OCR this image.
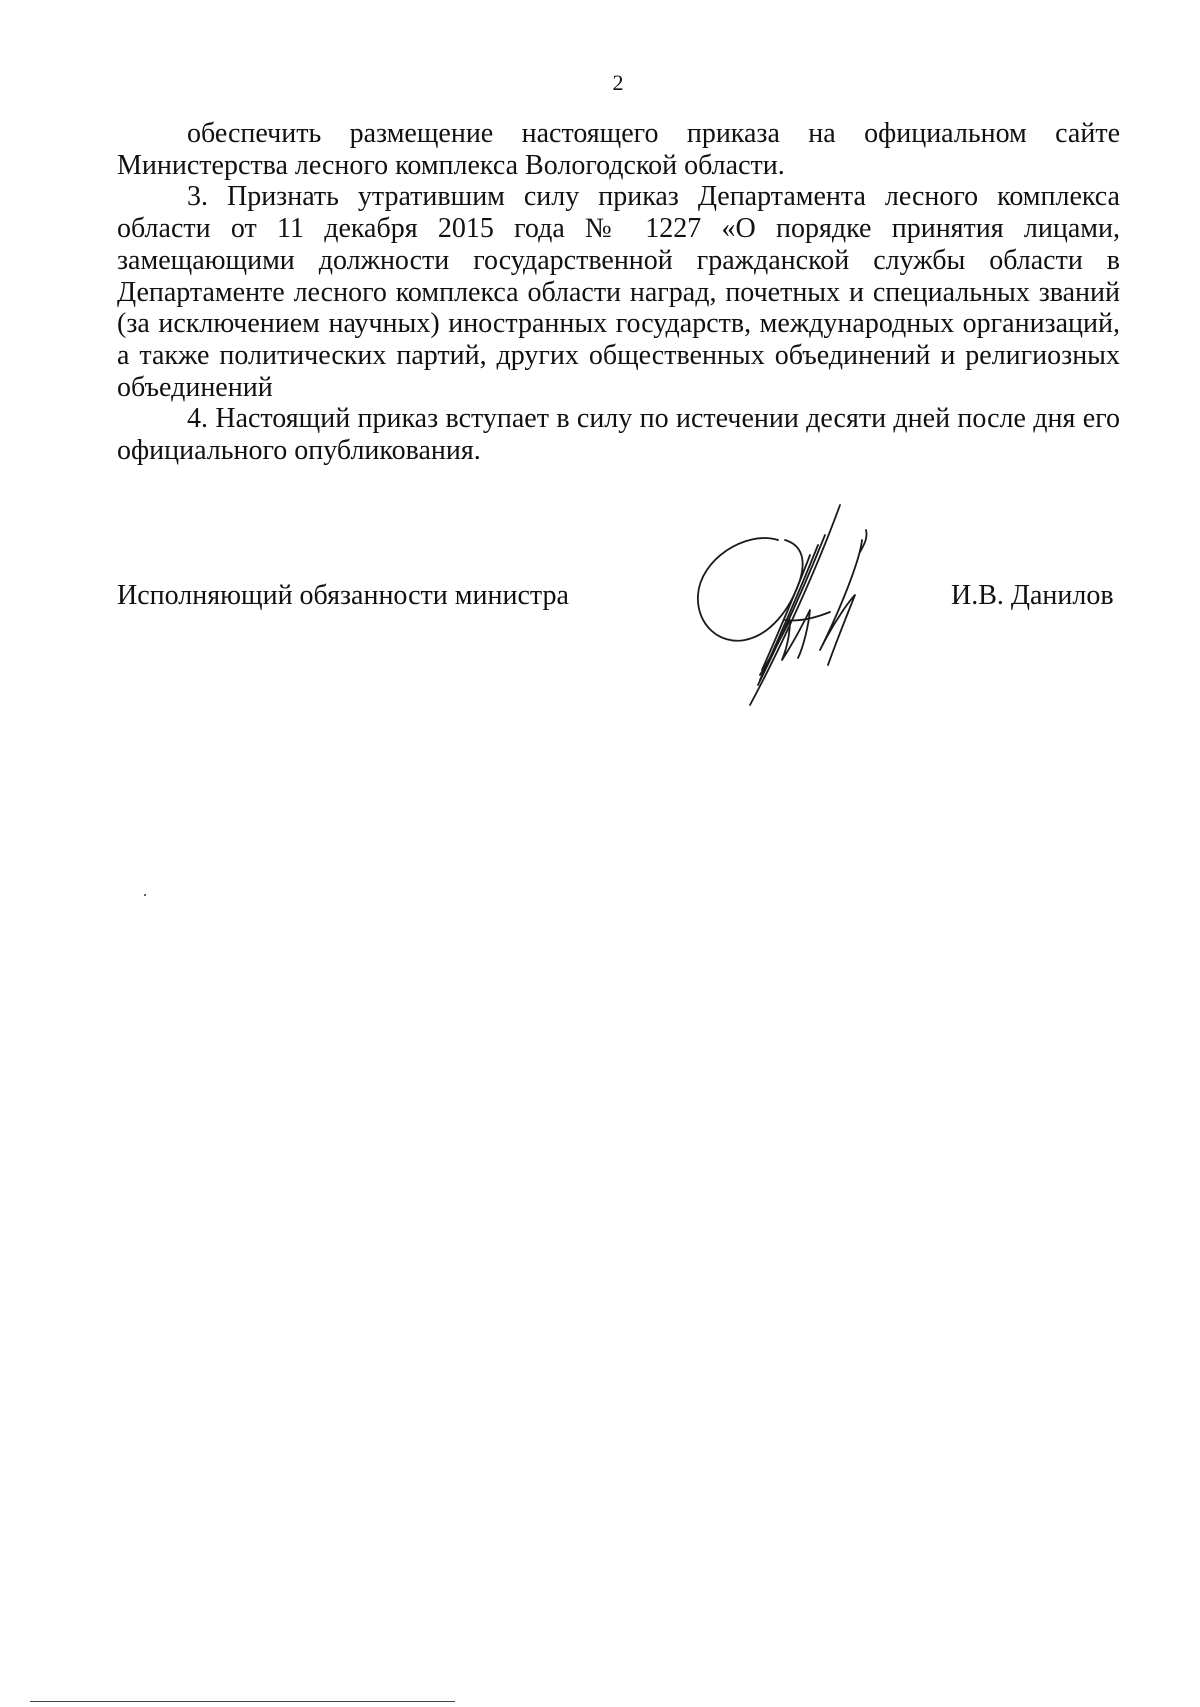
2

обеспечить размещение настоящего приказа на официальном сайте Министерства лесного комплекса Вологодской области.

3. Признать утратившим силу приказ Департамента лесного комплекса области от 11 декабря 2015 года № 1227 «О порядке принятия лицами, замещающими должности государственной гражданской службы области в Департаменте лесного комплекса области наград, почетных и специальных званий (за исключением научных) иностранных государств, международных организаций, а также политических партий, других общественных объединений и религиозных объединений

4. Настоящий приказ вступает в силу по истечении десяти дней после дня его официального опубликования.

Исполняющий обязанности министра	И.В. Данилов
